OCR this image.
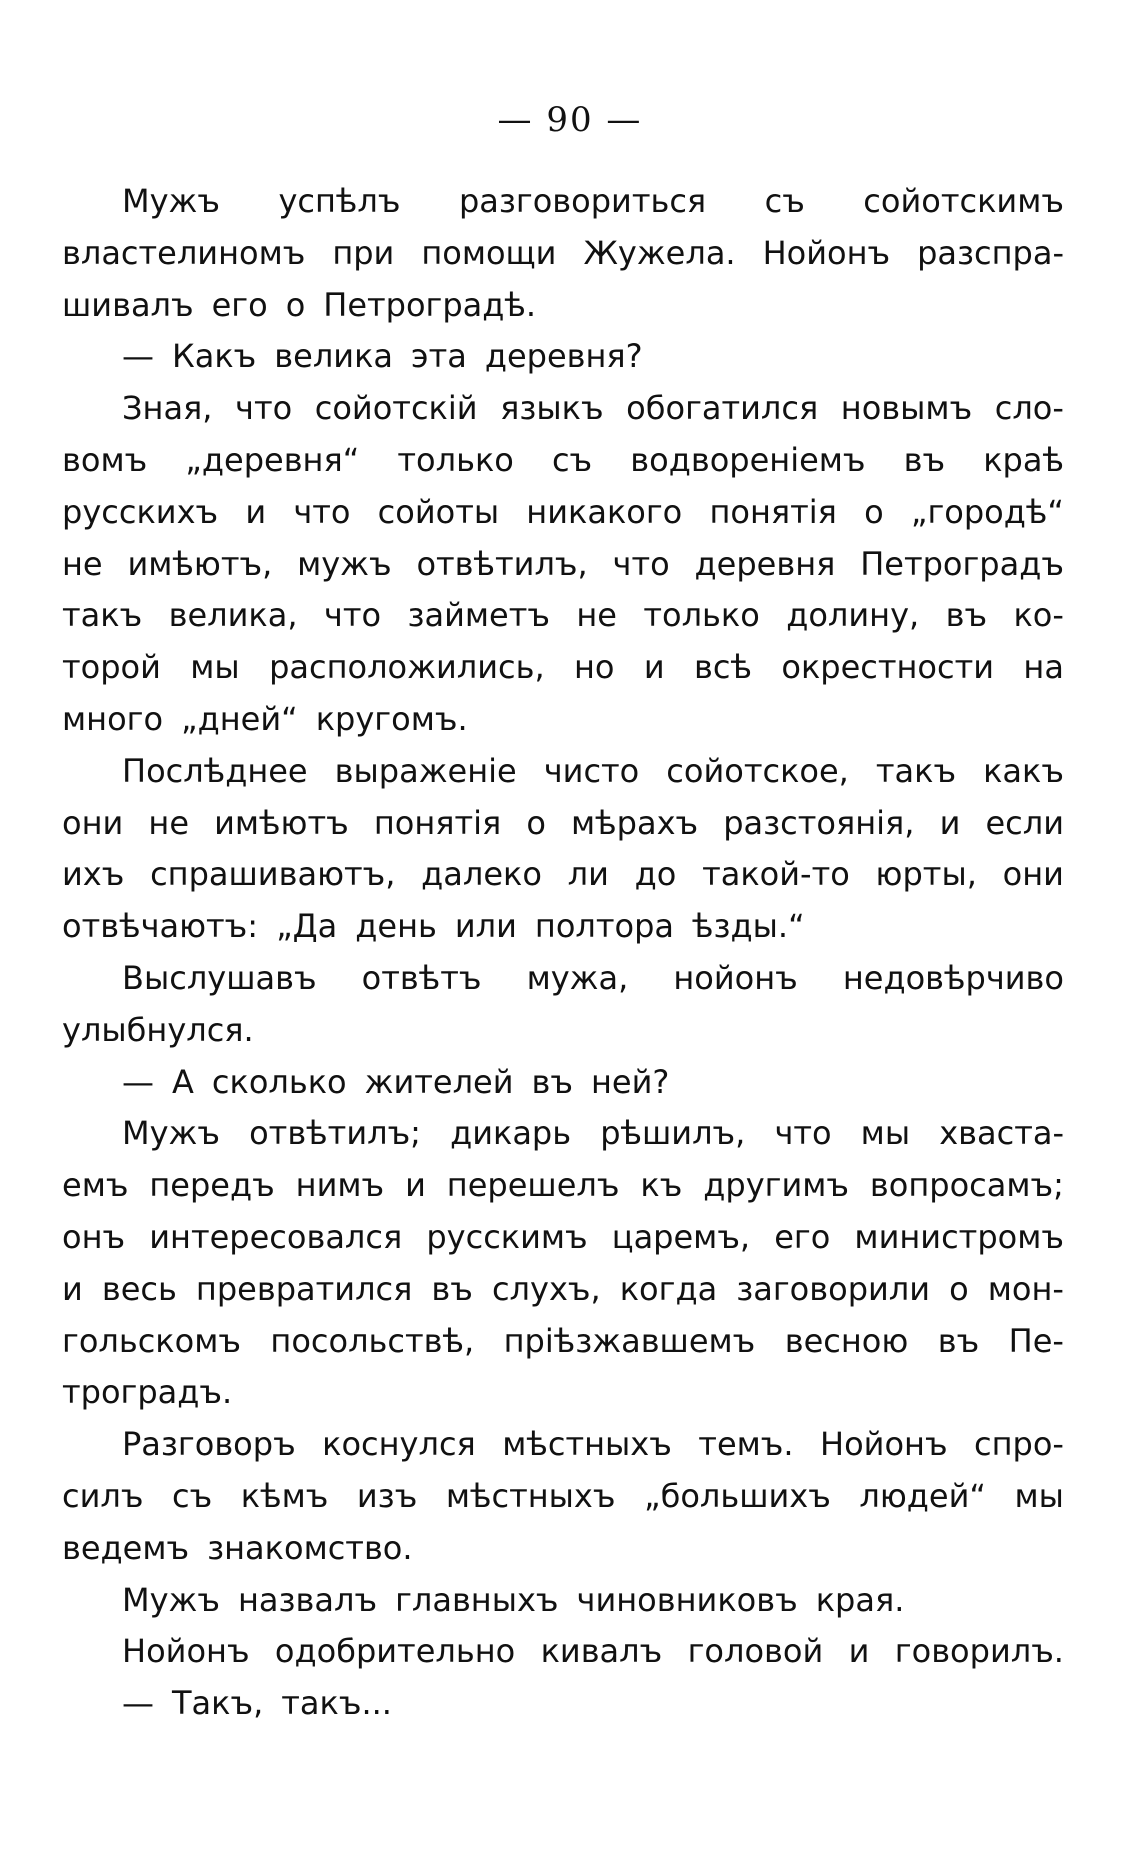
— 90 —
Мужъ успѣлъ разговориться съ сойотскимъ
властелиномъ при помощи Жужела. Нойонъ разспра-
шивалъ его о Петроградѣ.
— Какъ велика эта деревня?
Зная, что сойотскій языкъ обогатился новымъ сло-
вомъ „деревня“ только съ водвореніемъ въ краѣ
русскихъ и что сойоты никакого понятія о „городѣ“
не имѣютъ, мужъ отвѣтилъ, что деревня Петроградъ
такъ велика, что займетъ не только долину, въ ко-
торой мы расположились, но и всѣ окрестности на
много „дней“ кругомъ.
Послѣднее выраженіе чисто сойотское, такъ какъ
они не имѣютъ понятія о мѣрахъ разстоянія, и если
ихъ спрашиваютъ, далеко ли до такой-то юрты, они
отвѣчаютъ: „Да день или полтора ѣзды.“
Выслушавъ отвѣтъ мужа, нойонъ недовѣрчиво
улыбнулся.
— А сколько жителей въ ней?
Мужъ отвѣтилъ; дикарь рѣшилъ, что мы хваста-
емъ передъ нимъ и перешелъ къ другимъ вопросамъ;
онъ интересовался русскимъ царемъ, его министромъ
и весь превратился въ слухъ, когда заговорили о мон-
гольскомъ посольствѣ, пріѣзжавшемъ весною въ Пе-
троградъ.
Разговоръ коснулся мѣстныхъ темъ. Нойонъ спро-
силъ съ кѣмъ изъ мѣстныхъ „большихъ людей“ мы
ведемъ знакомство.
Мужъ назвалъ главныхъ чиновниковъ края.
Нойонъ одобрительно кивалъ головой и говорилъ.
— Такъ, такъ...
